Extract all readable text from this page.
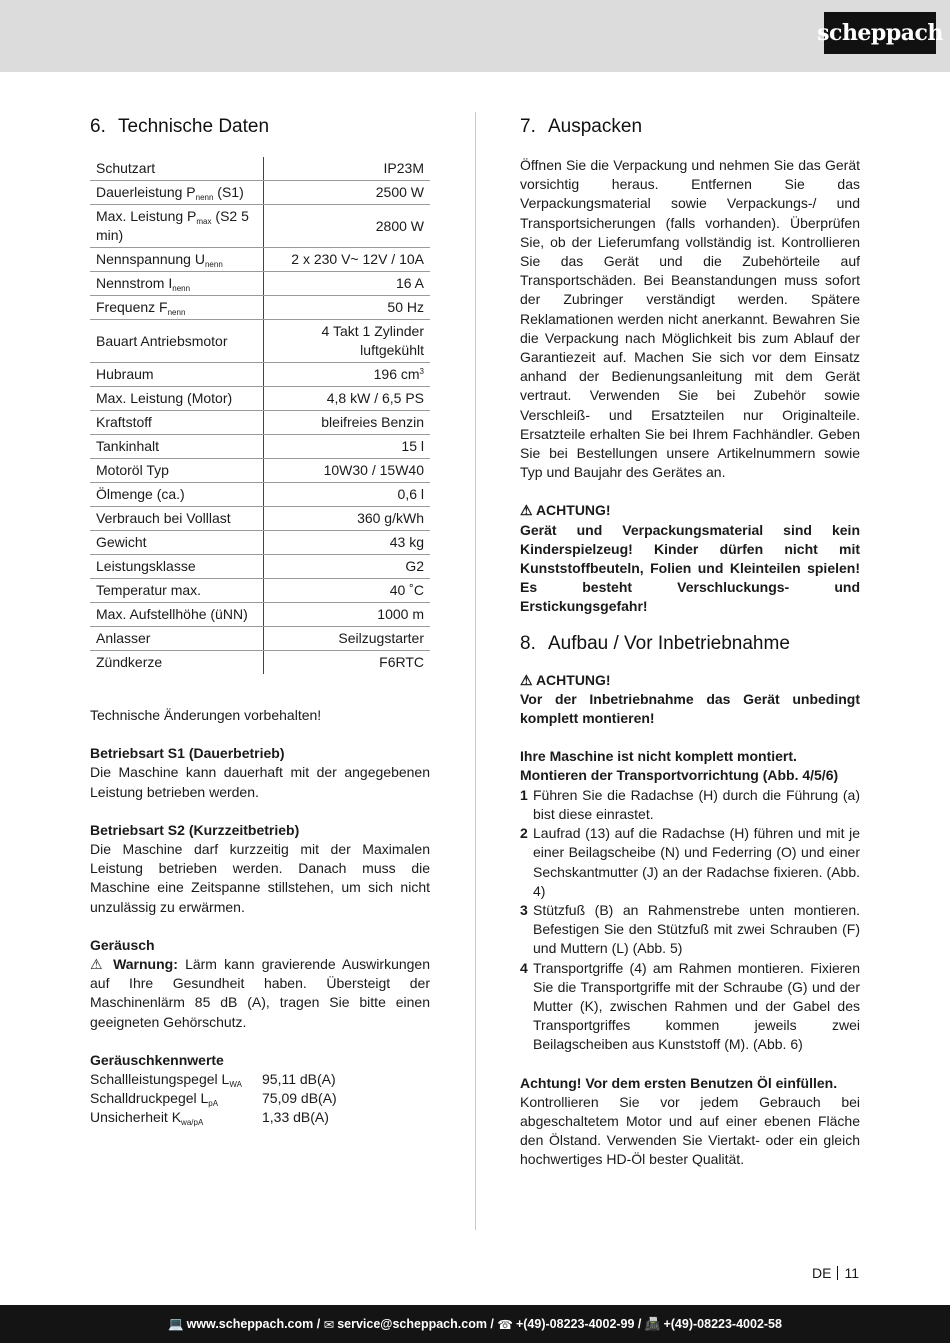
scheppach
6. Technische Daten
Schutzart	IP23M
Dauerleistung $P_{nenn}$ (S1)	2500 W
Max. Leistung $P_{max}$ (S2 5 min)	2800 W
Nennspannung $U_{nenn}$	2 x 230 V~ 12V / 10A
Nennstrom $I_{nenn}$	16 A
Frequenz $F_{nenn}$	50 Hz
Bauart Antriebsmotor	4 Takt 1 Zylinder luftgekühlt
Hubraum	196 $cm^3$
Max. Leistung (Motor)	4,8 kW / 6,5 PS
Kraftstoff	bleifreies Benzin
Tankinhalt	15 l
Motoröl Typ	10W30 / 15W40
Ölmenge (ca.)	0,6 l
Verbrauch bei Volllast	360 g/kWh
Gewicht	43 kg
Leistungsklasse	G2
Temperatur max.	40 ˚C
Max. Aufstellhöhe (üNN)	1000 m
Anlasser	Seilzugstarter
Zündkerze	F6RTC

Technische Änderungen vorbehalten!

Betriebsart S1 (Dauerbetrieb)

Die Maschine kann dauerhaft mit der angegebenen Leistung betrieben werden.

Betriebsart S2 (Kurzzeitbetrieb)

Die Maschine darf kurzzeitig mit der Maximalen Leistung betrieben werden. Danach muss die Maschine eine Zeitspanne stillstehen, um sich nicht unzulässig zu erwärmen.

Geräusch

⚠ Warnung: Lärm kann gravierende Auswirkungen auf Ihre Gesundheit haben. Übersteigt der Maschinenlärm 85 dB (A), tragen Sie bitte einen geeigneten Gehörschutz.

Geräuschkennwerte

Schallleistungspegel $L_{WA}$	95,11 dB(A)
Schalldruckpegel $L_{pA}$	75,09 dB(A)
Unsicherheit $K_{wa/pA}$	1,33 dB(A)
7. Auspacken

Öffnen Sie die Verpackung und nehmen Sie das Gerät vorsichtig heraus. Entfernen Sie das Verpackungsmaterial sowie Verpackungs-/ und Transportsicherungen (falls vorhanden). Überprüfen Sie, ob der Lieferumfang vollständig ist. Kontrollieren Sie das Gerät und die Zubehörteile auf Transportschäden. Bei Beanstandungen muss sofort der Zubringer verständigt werden. Spätere Reklamationen werden nicht anerkannt. Bewahren Sie die Verpackung nach Möglichkeit bis zum Ablauf der Garantiezeit auf. Machen Sie sich vor dem Einsatz anhand der Bedienungsanleitung mit dem Gerät vertraut. Verwenden Sie bei Zubehör sowie Verschleiß- und Ersatzteilen nur Originalteile. Ersatzteile erhalten Sie bei Ihrem Fachhändler. Geben Sie bei Bestellungen unsere Artikelnummern sowie Typ und Baujahr des Gerätes an.

⚠ ACHTUNG!

Gerät und Verpackungsmaterial sind kein Kinderspielzeug! Kinder dürfen nicht mit Kunststoffbeuteln, Folien und Kleinteilen spielen! Es besteht Verschluckungs- und Erstickungsgefahr!

8. Aufbau / Vor Inbetriebnahme

⚠ ACHTUNG!

Vor der Inbetriebnahme das Gerät unbedingt komplett montieren!

Ihre Maschine ist nicht komplett montiert.

Montieren der Transportvorrichtung (Abb. 4/5/6)

1 Führen Sie die Radachse (H) durch die Führung (a) bist diese einrastet.
2 Laufrad (13) auf die Radachse (H) führen und mit je einer Beilagscheibe (N) und Federring (O) und einer Sechskantmutter (J) an der Radachse fixieren. (Abb. 4)
3 Stützfuß (B) an Rahmenstrebe unten montieren. Befestigen Sie den Stützfuß mit zwei Schrauben (F) und Muttern (L) (Abb. 5)
4 Transportgriffe (4) am Rahmen montieren. Fixieren Sie die Transportgriffe mit der Schraube (G) und der Mutter (K), zwischen Rahmen und der Gabel des Transportgriffes kommen jeweils zwei Beilagscheiben aus Kunststoff (M). (Abb. 6)

Achtung! Vor dem ersten Benutzen Öl einfüllen.

Kontrollieren Sie vor jedem Gebrauch bei abgeschaltetem Motor und auf einer ebenen Fläche den Ölstand. Verwenden Sie Viertakt- oder ein gleich hochwertiges HD-Öl bester Qualität.

DE 11
💻 www.scheppach.com /
✉ service@scheppach.com /
☎ +(49)-08223-4002-99 /
📠 +(49)-08223-4002-58
